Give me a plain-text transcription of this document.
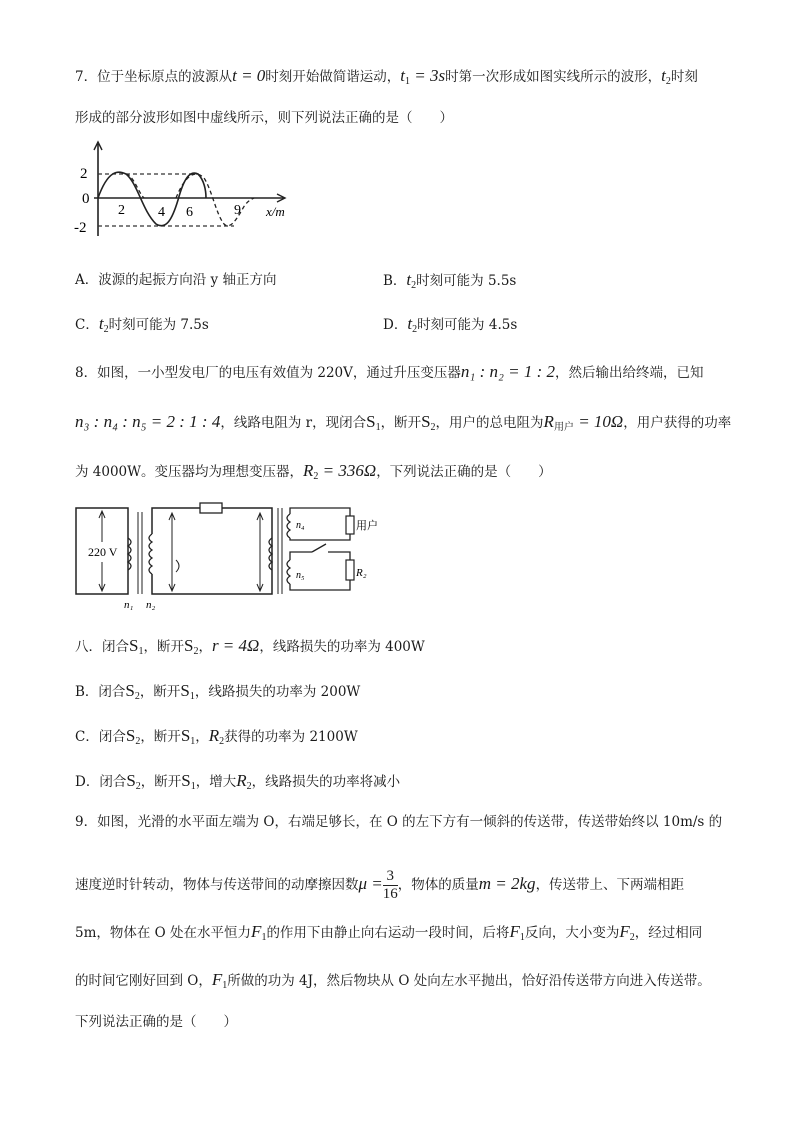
7．位于坐标原点的波源从t = 0时刻开始做简谐运动，$t_1 = 3s$时第一次形成如图实线所示的波形，$t_2$时刻
形成的部分波形如图中虚线所示，则下列说法正确的是（　　）
2
0
-2
2 4 6	9 x/m
A．波源的起振方向沿 y 轴正方向	B．$t_2$时刻可能为 5.5s
C．$t_2$时刻可能为 7.5s	D．$t_2$时刻可能为 4.5s
8．如图，一小型发电厂的电压有效值为 220V，通过升压变压器n₁ : n₂ = 1 : 2，然后输出给终端，已知
n₃ : n₄ : n₅ = 2 : 1 : 4，线路电阻为 r，现闭合$S_1$，断开$S_2$，用户的总电阻为$R_{用户} = 10\Omega$，用户获得的功率
为 4000W。变压器均为理想变压器，$R_2 = 336\Omega$，下列说法正确的是（　　）
220 V
n₁ n₂
n₄	用户
n₅	R₂
八．闭合$S_1$，断开$S_2$，r = 4Ω，线路损失的功率为 400W
B．闭合$S_2$，断开$S_1$，线路损失的功率为 200W
C．闭合$S_2$，断开$S_1$，$R_2$获得的功率为 2100W
D．闭合$S_2$，断开$S_1$，增大$R_2$，线路损失的功率将减小
9．如图，光滑的水平面左端为 O，右端足够长，在 O 的左下方有一倾斜的传送带，传送带始终以 10m/s 的
速度逆时针转动，物体与传送带间的动摩擦因数$\mu = \frac{3}{16}$ ，物体的质量m = 2kg，传送带上、下两端相距
5m，物体在 O 处在水平恒力$F_1$的作用下由静止向右运动一段时间，后将$F_1$反向，大小变为$F_2$，经过相同
的时间它刚好回到 O，$F_1$所做的功为 4J，然后物块从 O 处向左水平抛出，恰好沿传送带方向进入传送带。
下列说法正确的是（　　）
